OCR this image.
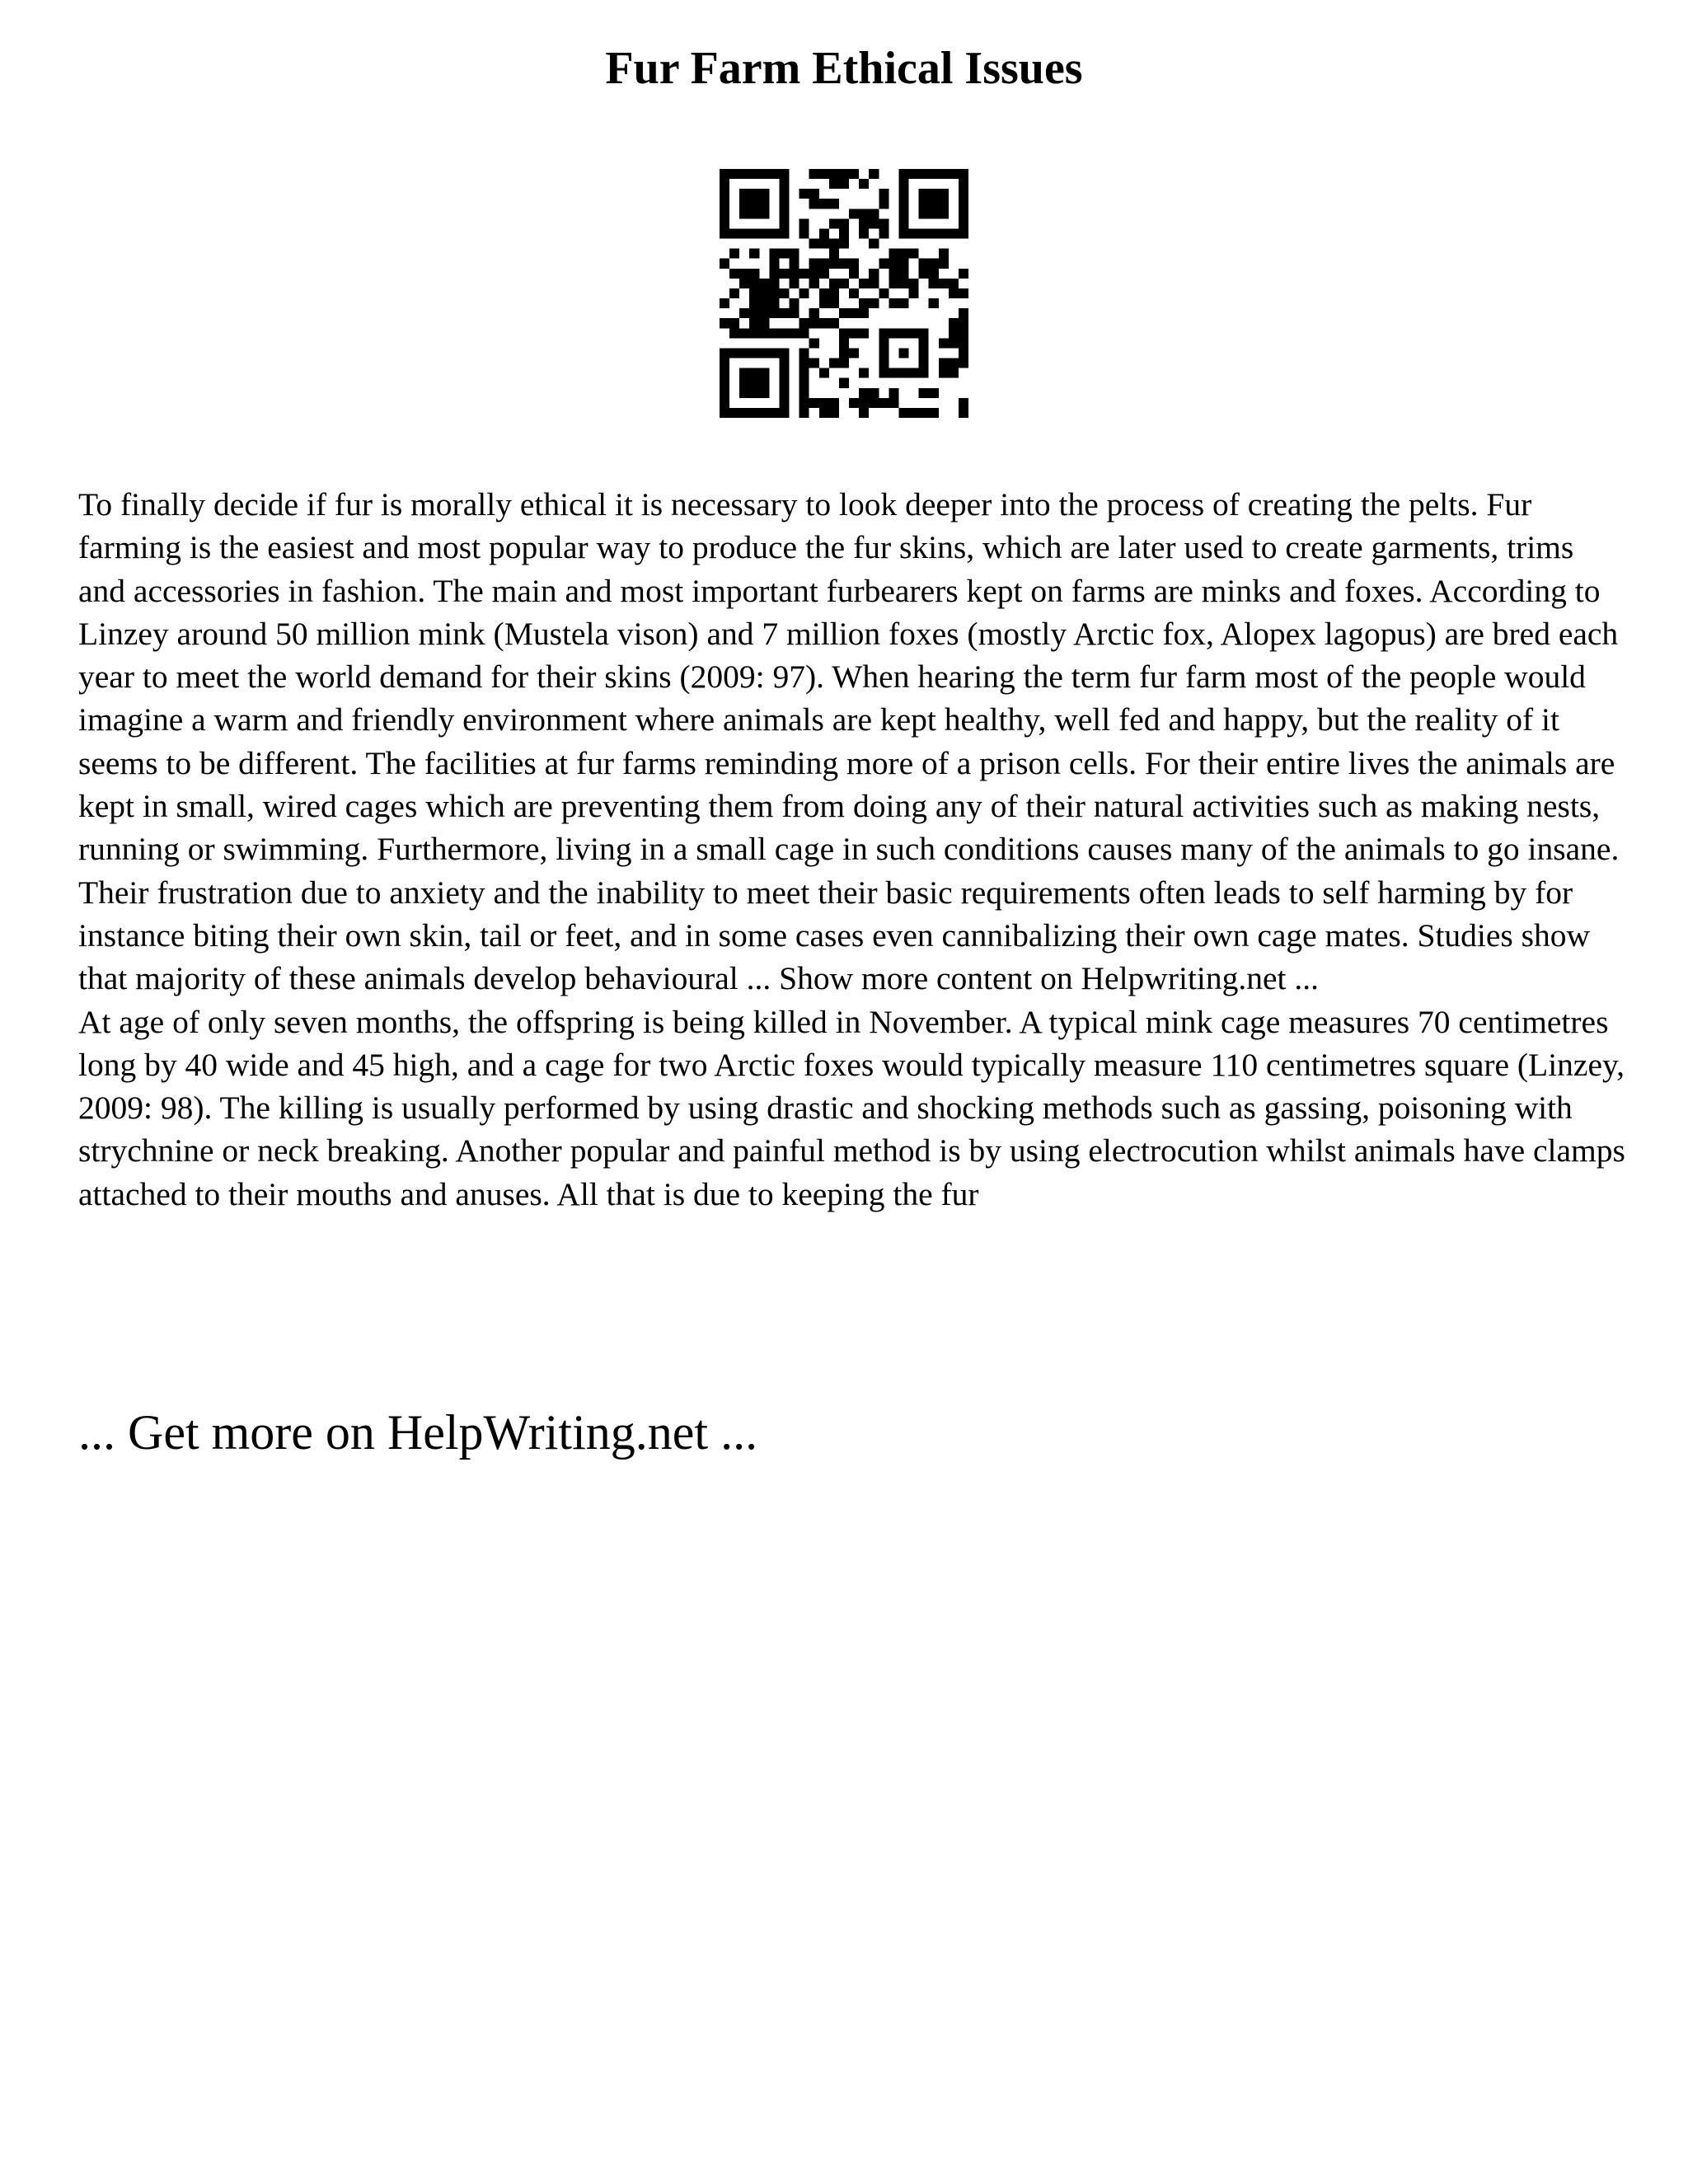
Fur Farm Ethical Issues

To finally decide if fur is morally ethical it is necessary to look deeper into the process of creating the pelts. Fur farming is the easiest and most popular way to produce the fur skins, which are later used to create garments, trims and accessories in fashion. The main and most important furbearers kept on farms are minks and foxes. According to Linzey around 50 million mink (Mustela vison) and 7 million foxes (mostly Arctic fox, Alopex lagopus) are bred each year to meet the world demand for their skins (2009: 97). When hearing the term fur farm most of the people would imagine a warm and friendly environment where animals are kept healthy, well fed and happy, but the reality of it seems to be different. The facilities at fur farms reminding more of a prison cells. For their entire lives the animals are kept in small, wired cages which are preventing them from doing any of their natural activities such as making nests, running or swimming. Furthermore, living in a small cage in such conditions causes many of the animals to go insane. Their frustration due to anxiety and the inability to meet their basic requirements often leads to self harming by for instance biting their own skin, tail or feet, and in some cases even cannibalizing their own cage mates. Studies show that majority of these animals develop behavioural ... Show more content on Helpwriting.net ...

At age of only seven months, the offspring is being killed in November. A typical mink cage measures 70 centimetres long by 40 wide and 45 high, and a cage for two Arctic foxes would typically measure 110 centimetres square (Linzey, 2009: 98). The killing is usually performed by using drastic and shocking methods such as gassing, poisoning with strychnine or neck breaking. Another popular and painful method is by using electrocution whilst animals have clamps attached to their mouths and anuses. All that is due to keeping the fur

... Get more on HelpWriting.net ...
